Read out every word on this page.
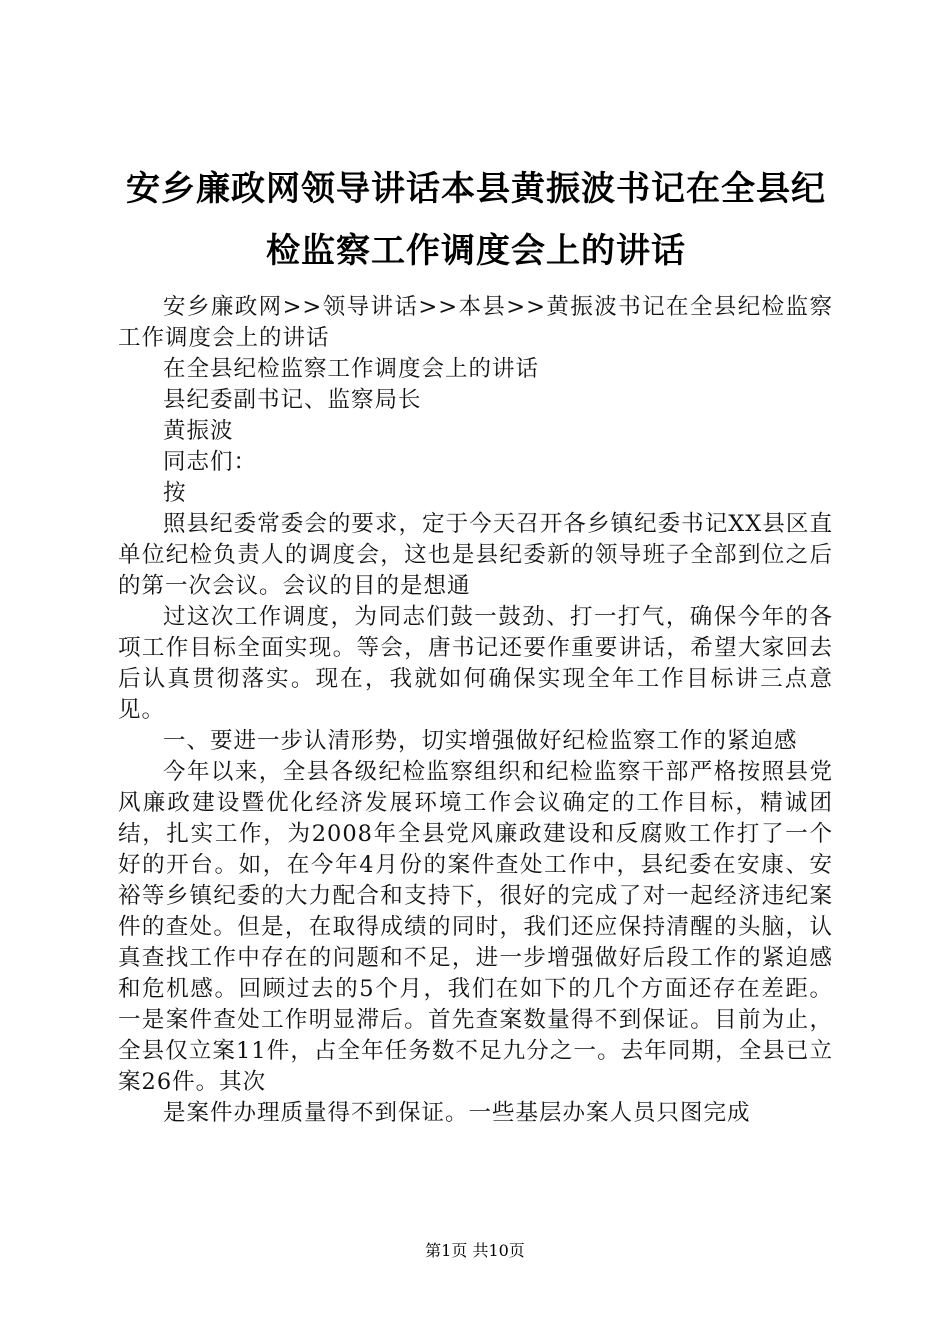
安乡廉政网领导讲话本县黄振波书记在全县纪检监察工作调度会上的讲话

安乡廉政网>>领导讲话>>本县>>黄振波书记在全县纪检监察工作调度会上的讲话

在全县纪检监察工作调度会上的讲话

县纪委副书记、监察局长

黄振波

同志们：

按

照县纪委常委会的要求，定于今天召开各乡镇纪委书记XX县区直单位纪检负责人的调度会，这也是县纪委新的领导班子全部到位之后的第一次会议。会议的目的是想通

过这次工作调度，为同志们鼓一鼓劲、打一打气，确保今年的各项工作目标全面实现。等会，唐书记还要作重要讲话，希望大家回去后认真贯彻落实。现在，我就如何确保实现全年工作目标讲三点意见。

一、要进一步认清形势，切实增强做好纪检监察工作的紧迫感

今年以来，全县各级纪检监察组织和纪检监察干部严格按照县党风廉政建设暨优化经济发展环境工作会议确定的工作目标，精诚团结，扎实工作，为2008年全县党风廉政建设和反腐败工作打了一个好的开台。如，在今年4月份的案件查处工作中，县纪委在安康、安裕等乡镇纪委的大力配合和支持下，很好的完成了对一起经济违纪案件的查处。但是，在取得成绩的同时，我们还应保持清醒的头脑，认真查找工作中存在的问题和不足，进一步增强做好后段工作的紧迫感和危机感。回顾过去的5个月，我们在如下的几个方面还存在差距。一是案件查处工作明显滞后。首先查案数量得不到保证。目前为止，全县仅立案11件，占全年任务数不足九分之一。去年同期，全县已立案26件。其次

是案件办理质量得不到保证。一些基层办案人员只图完成

第1页 共10页
